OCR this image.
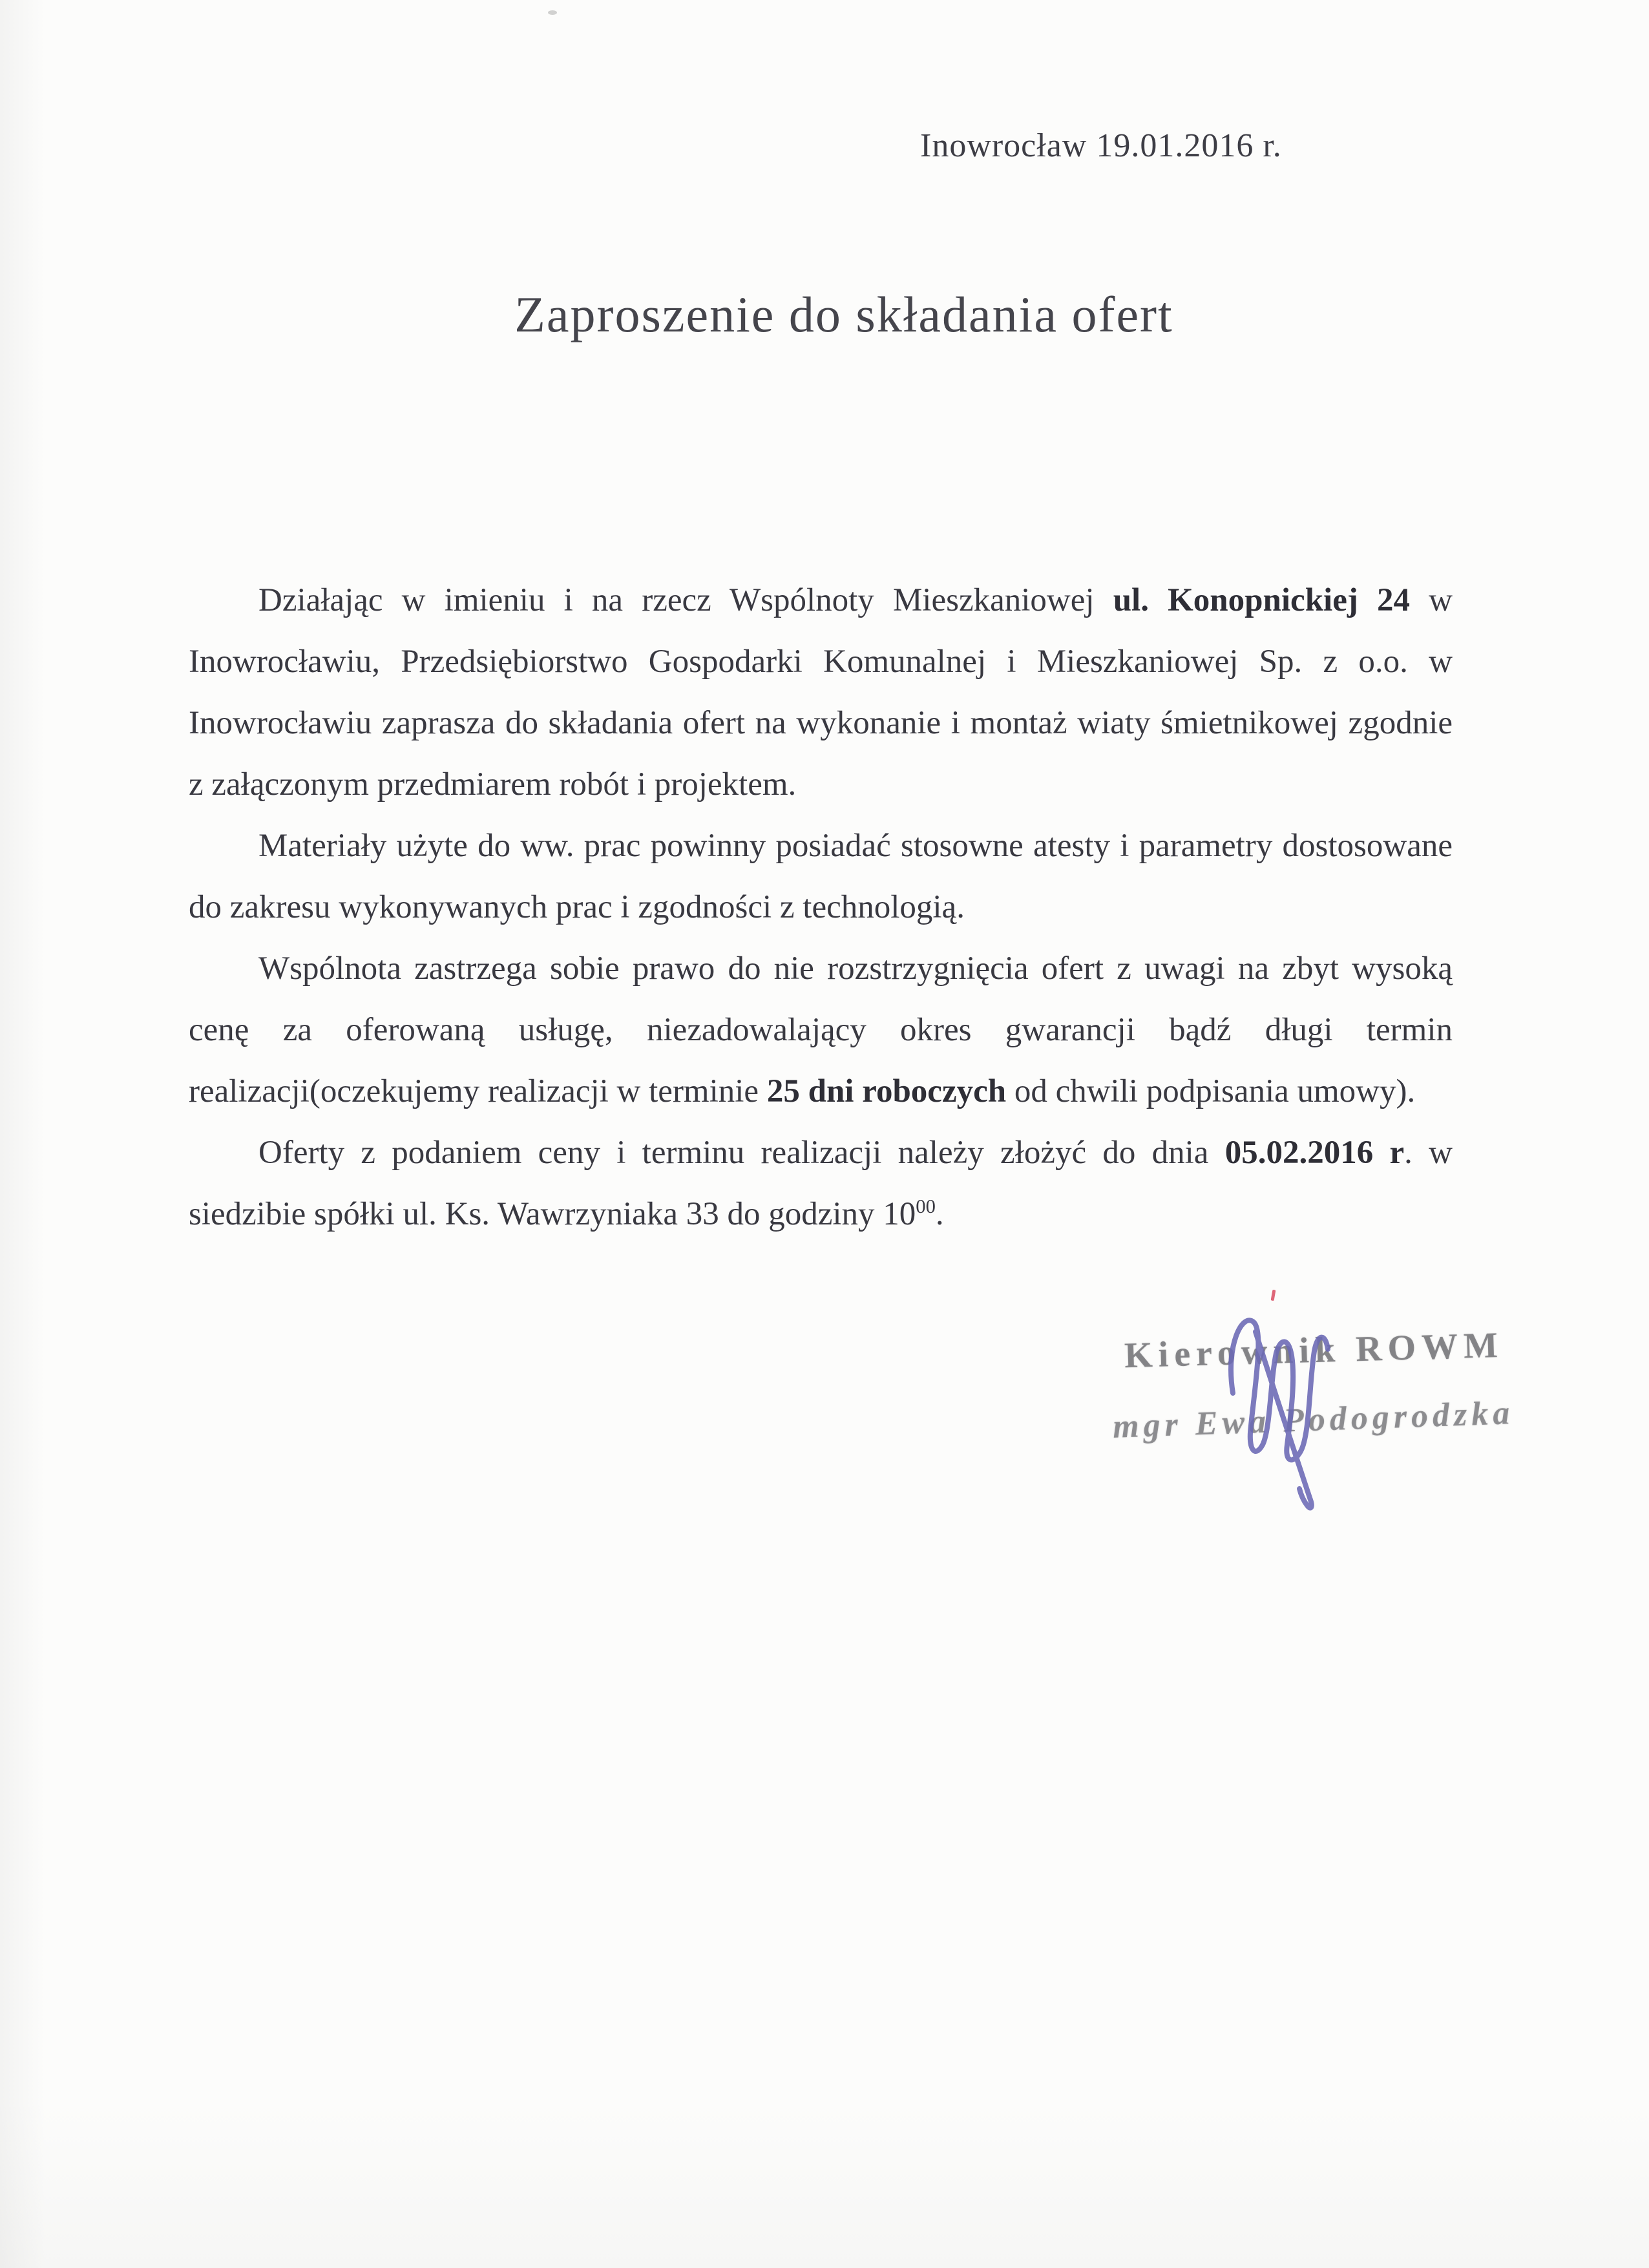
Inowrocław 19.01.2016 r.
Zaproszenie do składania ofert

Działając w imieniu i na rzecz Wspólnoty Mieszkaniowej ul. Konopnickiej 24 w Inowrocławiu, Przedsiębiorstwo Gospodarki Komunalnej i Mieszkaniowej Sp. z o.o. w Inowrocławiu zaprasza do składania ofert na wykonanie i montaż wiaty śmietnikowej zgodnie z załączonym przedmiarem robót i projektem.

Materiały użyte do ww. prac powinny posiadać stosowne atesty i parametry dostosowane do zakresu wykonywanych prac i zgodności z technologią.

Wspólnota zastrzega sobie prawo do nie rozstrzygnięcia ofert z uwagi na zbyt wysoką cenę za oferowaną usługę, niezadowalający okres gwarancji bądź długi termin realizacji(oczekujemy realizacji w terminie 25 dni roboczych od chwili podpisania umowy).

Oferty z podaniem ceny i terminu realizacji należy złożyć do dnia 05.02.2016 r. w siedzibie spółki ul. Ks. Wawrzyniaka 33 do godziny $10^{00}$.

Kierownik ROWM
mgr Ewa Podogrodzka
